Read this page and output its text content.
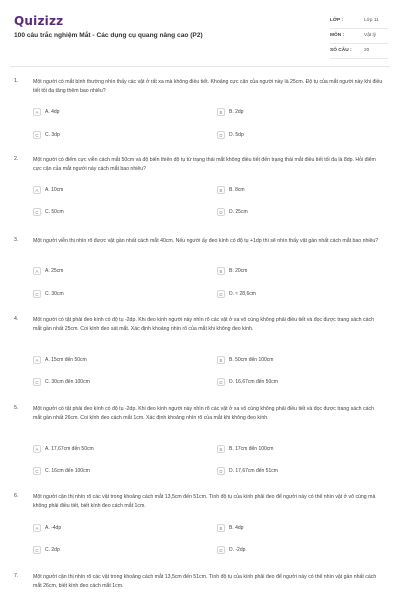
Quizizz
100 câu trắc nghiệm Mắt - Các dụng cụ quang nâng cao (P2)
LỚP :	Lớp 11
MÔN :	Vật lý
SỐ CÂU :	20
1.	Một người có mắt bình thường nhìn thấy các vật ở rất xa mà không điều tiết. Khoảng cực cận của người này là 25cm. Độ tụ của mắt người này khi điều tiết tối đa tăng thêm bao nhiêu?
A	A. 4dp	B	B. 2dp
C	C. 3dp	D	D. 5dp
2.	Một người có điểm cực viễn cách mắt 50cm và độ biến thiên độ tụ từ trạng thái mắt không điều tiết đến trạng thái mắt điều tiết tối đa là 8dp. Hỏi điểm cực cận của mắt người này cách mắt bao nhiêu?
A	A. 10cm	B	B. 8cm
C	C. 50cm	D	D. 25cm
3.	Một người viễn thị nhìn rõ được vật gần nhất cách mắt 40cm. Nếu người ấy đeo kính có độ tụ +1dp thì sẽ nhìn thấy vật gần nhất cách mắt bao nhiêu?
A	A. 25cm	B	B. 20cm
C	C. 30cm	D	D. ≈ 28,6cm
4.	Một người có tật phải đeo kính có độ tụ -2dp. Khi đeo kính người này nhìn rõ các vật ở xa vô cùng không phải điều tiết và đọc được trang sách cách mắt gần nhất 25cm. Coi kính đeo sát mắt. Xác định khoảng nhìn rõ của mắt khi không đeo kính.
A	A. 15cm đến 50cm	B	B. 50cm đến 100cm
C	C. 30cm đến 100cm	D	D. 16,67cm đến 50cm
5.	Một người có tật phải đeo kính có độ tụ -2dp. Khi đeo kính người này nhìn rõ các vật ở xa vô cùng không phải điều tiết và đọc được trang sách cách mắt gần nhất 26cm. Coi kính đeo cách mắt 1cm. Xác định khoảng nhìn rõ của mắt khi không đeo kính.
A	A. 17,67cm đến 50cm	B	B. 17cm đến 100cm
C	C. 16cm đến 100cm	D	D. 17,67cm đến 51cm
6.	Một người cận thị nhìn rõ các vật trong khoảng cách mắt 13,5cm đến 51cm. Tính độ tụ của kính phải đeo để người này có thể nhìn vật ở vô cùng mà không phải điều tiết, biết kính đeo cách mắt 1cm.
A	A. -4dp	B	B. 4dp
C	C. 2dp	D	D. -2dp
7.	Một người cận thị nhìn rõ các vật trong khoảng cách mắt 13,5cm đến 51cm. Tính độ tụ của kính phải đeo để người này có thể nhìn vật gần nhất cách mắt 26cm, biết kính đeo cách mắt 1cm.
